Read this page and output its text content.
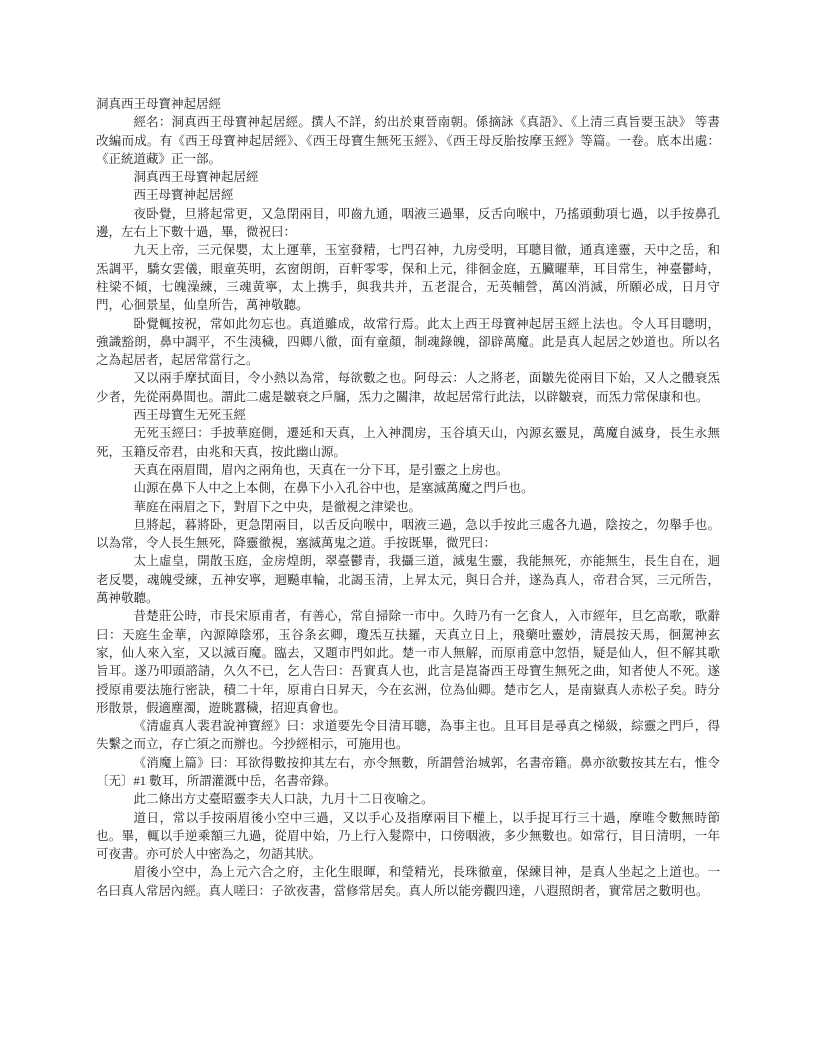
洞真西王母寶神起居經

經名：洞真西王母寶神起居經。撰人不詳，約出於東晉南朝。係摘詠《真語》、《上清三真旨要玉訣》 等書改編而成。有《西王母寶神起居經》、《西王母寶生無死玉經》、《西王母反胎按摩玉經》等篇。一卷。底本出處：《正統道藏》正一部。

洞真西王母寶神起居經

西王母寶神起居經

夜卧覺，旦將起常更，又急閉兩目，叩齒九通，咽液三過畢，反舌向喉中，乃搖頭動項七過，以手按鼻孔邊，左右上下數十過，畢，微祝曰：

九天上帝，三元保嬰，太上運華，玉室發精，七門召神，九房受明，耳聰目徹，通真達靈，天中之岳，和炁調平，驕女雲儀，眼童英明，玄窗朗朗，百軒零零，保和上元，徘徊金庭，五臟曜華，耳目常生，神臺鬱峙，柱梁不傾，七魄澡練，三魂黄寧，太上携手，與我共并，五老混合，无英輔營，萬凶消滅，所願必成，日月守門，心徊景星，仙皇所告，萬神敬聽。

卧覺輒按祝，常如此勿忘也。真道雖成，故常行焉。此太上西王母寶神起居玉經上法也。令人耳目聰明，強識豁朗，鼻中調平，不生洟穢，四卿八徹，面有童顏，制魂錄魄，卻辟萬魔。此是真人起居之妙道也。所以名之為起居者，起居常當行之。

又以兩手摩拭面目，令小熱以為常，每欲數之也。阿母云：人之將老，面皺先從兩目下始，又人之體衰炁少者，先從兩鼻間也。謂此二處是皺衰之戶牖，炁力之關津，故起居常行此法，以辟皺衰，而炁力常保康和也。

西王母寶生无死玉經

无死玉經曰：手披華庭側，遷延和天真，上入神潤房，玉谷填天山，內源玄靈見，萬魔自滅身，長生永無死，玉籍反帝君，由兆和天真，按此幽山源。

天真在兩眉間，眉內之兩角也，天真在一分下耳，是引靈之上房也。

山源在鼻下人中之上本側，在鼻下小入孔谷中也，是塞滅萬魔之門戶也。

華庭在兩眉之下，對眉下之中央，是徹視之津梁也。

旦將起，暮將卧，更急閉兩目，以舌反向喉中，咽液三過，急以手按此三處各九過，陰按之，勿舉手也。以為常，令人長生無死，降靈徹視，塞滅萬鬼之道。手按既畢，微咒曰：

太上虛皇，開散玉庭，金房煌朗，翠臺鬱青，我攝三道，滅鬼生靈，我能無死，亦能無生，長生自在，迴老反嬰，魂魄受練，五神安寧，迴飈車輪，北謁玉清，上昇太元，與日合并，遂為真人，帝君合冥，三元所告，萬神敬聽。

昔楚莊公時，市長宋原甫者，有善心，常自掃除一市中。久時乃有一乞食人，入市經年，旦乞高歌，歌辭曰：天庭生金華，內源障陰邪，玉谷条玄卿，瓊炁互扶羅，天真立日上，飛藥吐靈妙，清晨按天馬，徊駕神玄家，仙人來入室，又以滅百魔。臨去，又題市門如此。楚一市人無解，而原甫意中忽悟，疑是仙人，但不解其歌旨耳。遂乃叩頭諮請，久久不已，乞人告曰：吾實真人也，此言是崑崙西王母寶生無死之曲，知者使人不死。遂授原甫要法施行密訣，積二十年，原甫白日昇天，今在玄洲，位為仙卿。楚市乞人，是南嶽真人赤松子矣。時分形散景，假適塵濁，遊眺囂穢，招迎真會也。

《清虛真人裴君說神寶經》曰：求道要先令目清耳聰，為事主也。且耳目是尋真之梯級，綜靈之門戶，得失繫之而立，存亡須之而辦也。今抄經相示，可施用也。

《消魔上篇》曰：耳欲得數按抑其左右，亦令無數，所謂營治城郭，名書帝籍。鼻亦欲數按其左右，惟令〔无〕#1 數耳，所謂灌溉中岳，名書帝錄。

此二條出方丈臺昭靈李夫人口訣，九月十二日夜喻之。

道日，常以手按兩眉後小空中三過，又以手心及指摩兩目下權上，以手捉耳行三十過，摩唯令數無時節也。畢，輒以手逆乘額三九過，從眉中始，乃上行入髮際中，口傍咽液，多少無數也。如常行，目日清明，一年可夜書。亦可於人中密為之，勿語其狀。

眉後小空中，為上元六合之府，主化生眼暉，和瑩精光，長珠徹童，保練目神，是真人坐起之上道也。一名曰真人常居內經。真人嗟曰：子欲夜書，當修常居矣。真人所以能旁觀四達，八遐照朗者，實常居之數明也。
